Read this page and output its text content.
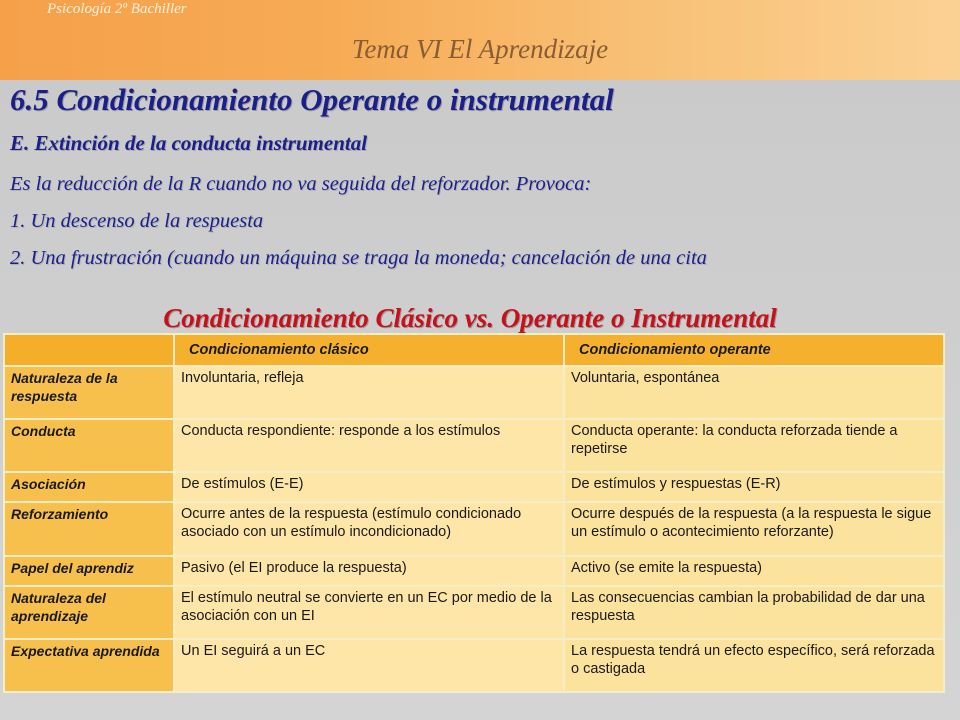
Psicología 2º Bachiller
Tema VI El Aprendizaje
6.5 Condicionamiento Operante o instrumental
E. Extinción de la conducta instrumental
Es la reducción de la R cuando no va seguida del reforzador. Provoca:
1. Un descenso de la respuesta
2. Una frustración (cuando un máquina se traga la moneda; cancelación de una cita
Condicionamiento Clásico vs. Operante o Instrumental
	Condicionamiento clásico	Condicionamiento operante
Naturaleza de la respuesta	Involuntaria, refleja	Voluntaria, espontánea
Conducta	Conducta respondiente: responde a los estímulos	Conducta operante: la conducta reforzada tiende a repetirse
Asociación	De estímulos (E-E)	De estímulos y respuestas (E-R)
Reforzamiento	Ocurre antes de la respuesta (estímulo condicionado asociado con un estímulo incondicionado)	Ocurre después de la respuesta (a la respuesta le sigue un estímulo o acontecimiento reforzante)
Papel del aprendiz	Pasivo (el EI produce la respuesta)	Activo (se emite la respuesta)
Naturaleza del aprendizaje	El estímulo neutral se convierte en un EC por medio de la asociación con un EI	Las consecuencias cambian la probabilidad de dar una respuesta
Expectativa aprendida	Un EI seguirá a un EC	La respuesta tendrá un efecto específico, será reforzada o castigada
